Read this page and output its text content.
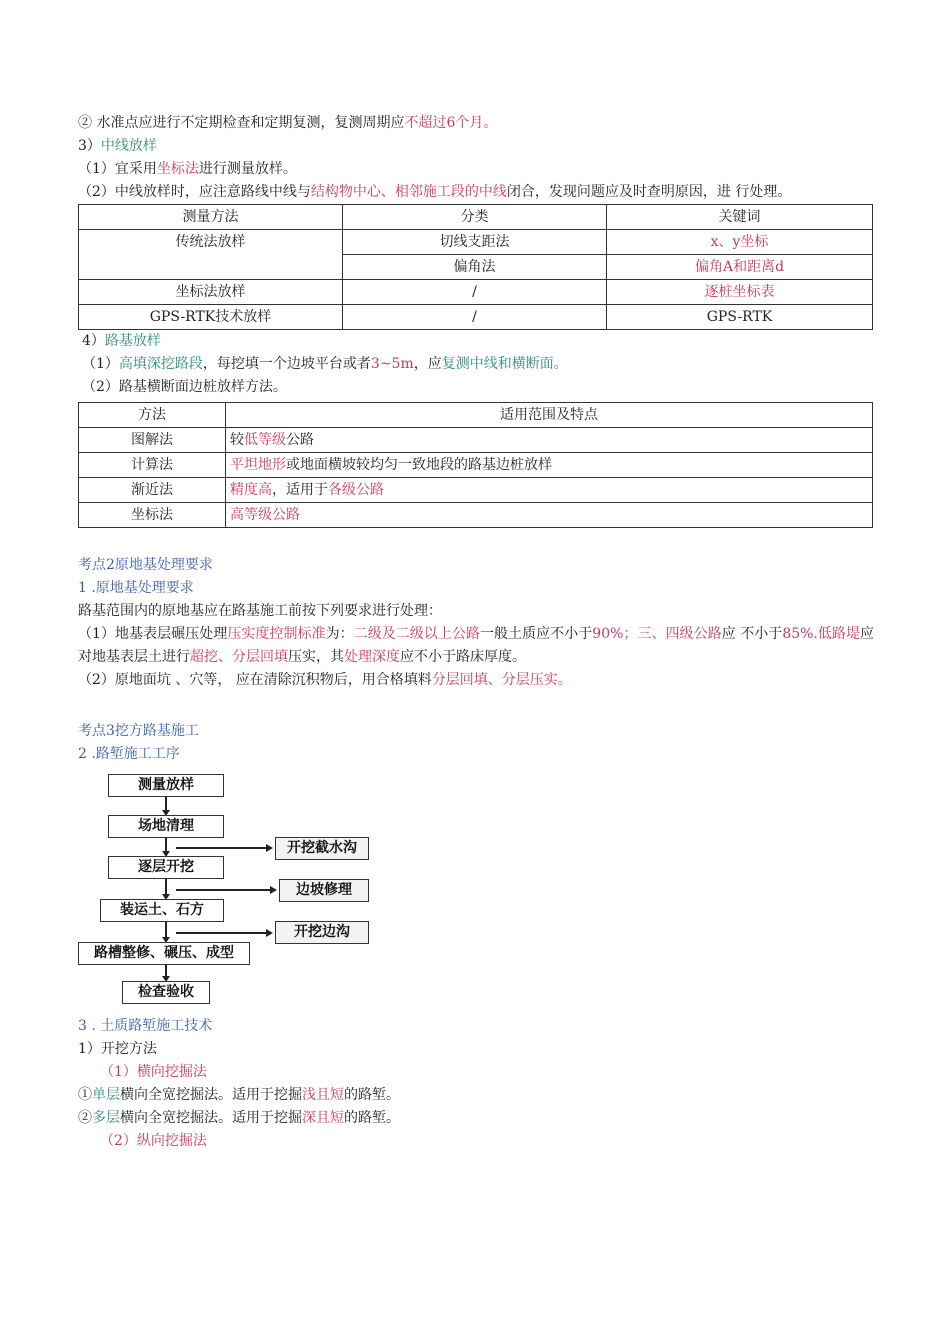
② 水准点应进行不定期检查和定期复测，复测周期应不超过6个月。

3）中线放样

（1）宜采用坐标法进行测量放样。

（2）中线放样时，应注意路线中线与结构物中心、相邻施工段的中线闭合，发现问题应及时查明原因，进 行处理。

测量方法	分类	关键词
传统法放样	切线支距法	x、y坐标
	偏角法	偏角A和距离d
坐标法放样	/	逐桩坐标表
GPS-RTK技术放样	/	GPS-RTK

4）路基放样

（1）高填深挖路段，每挖填一个边坡平台或者3~5m，应复测中线和横断面。

（2）路基横断面边桩放样方法。

方法	适用范围及特点
图解法	较低等级公路
计算法	平坦地形或地面横坡较均匀一致地段的路基边桩放样
渐近法	精度高，适用于各级公路
坐标法	高等级公路

考点2原地基处理要求

1 .原地基处理要求

路基范围内的原地基应在路基施工前按下列要求进行处理：

（1）地基表层碾压处理压实度控制标准为：二级及二级以上公路一般土质应不小于90%；三、四级公路应 不小于85%.低路堤应对地基表层土进行超挖、分层回填压实，其处理深度应不小于路床厚度。

（2）原地面坑 、穴等， 应在清除沉积物后，用合格填料分层回填、分层压实。

考点3挖方路基施工

2 .路堑施工工序

测量放样
场地清理
逐层开挖
装运土、石方
路槽整修、碾压、成型
检查验收
开挖截水沟
边坡修理
开挖边沟

3 . 土质路堑施工技术

1）开挖方法

（1）横向挖掘法

①单层横向全宽挖掘法。适用于挖掘浅且短的路堑。

②多层横向全宽挖掘法。适用于挖掘深且短的路堑。

（2）纵向挖掘法
